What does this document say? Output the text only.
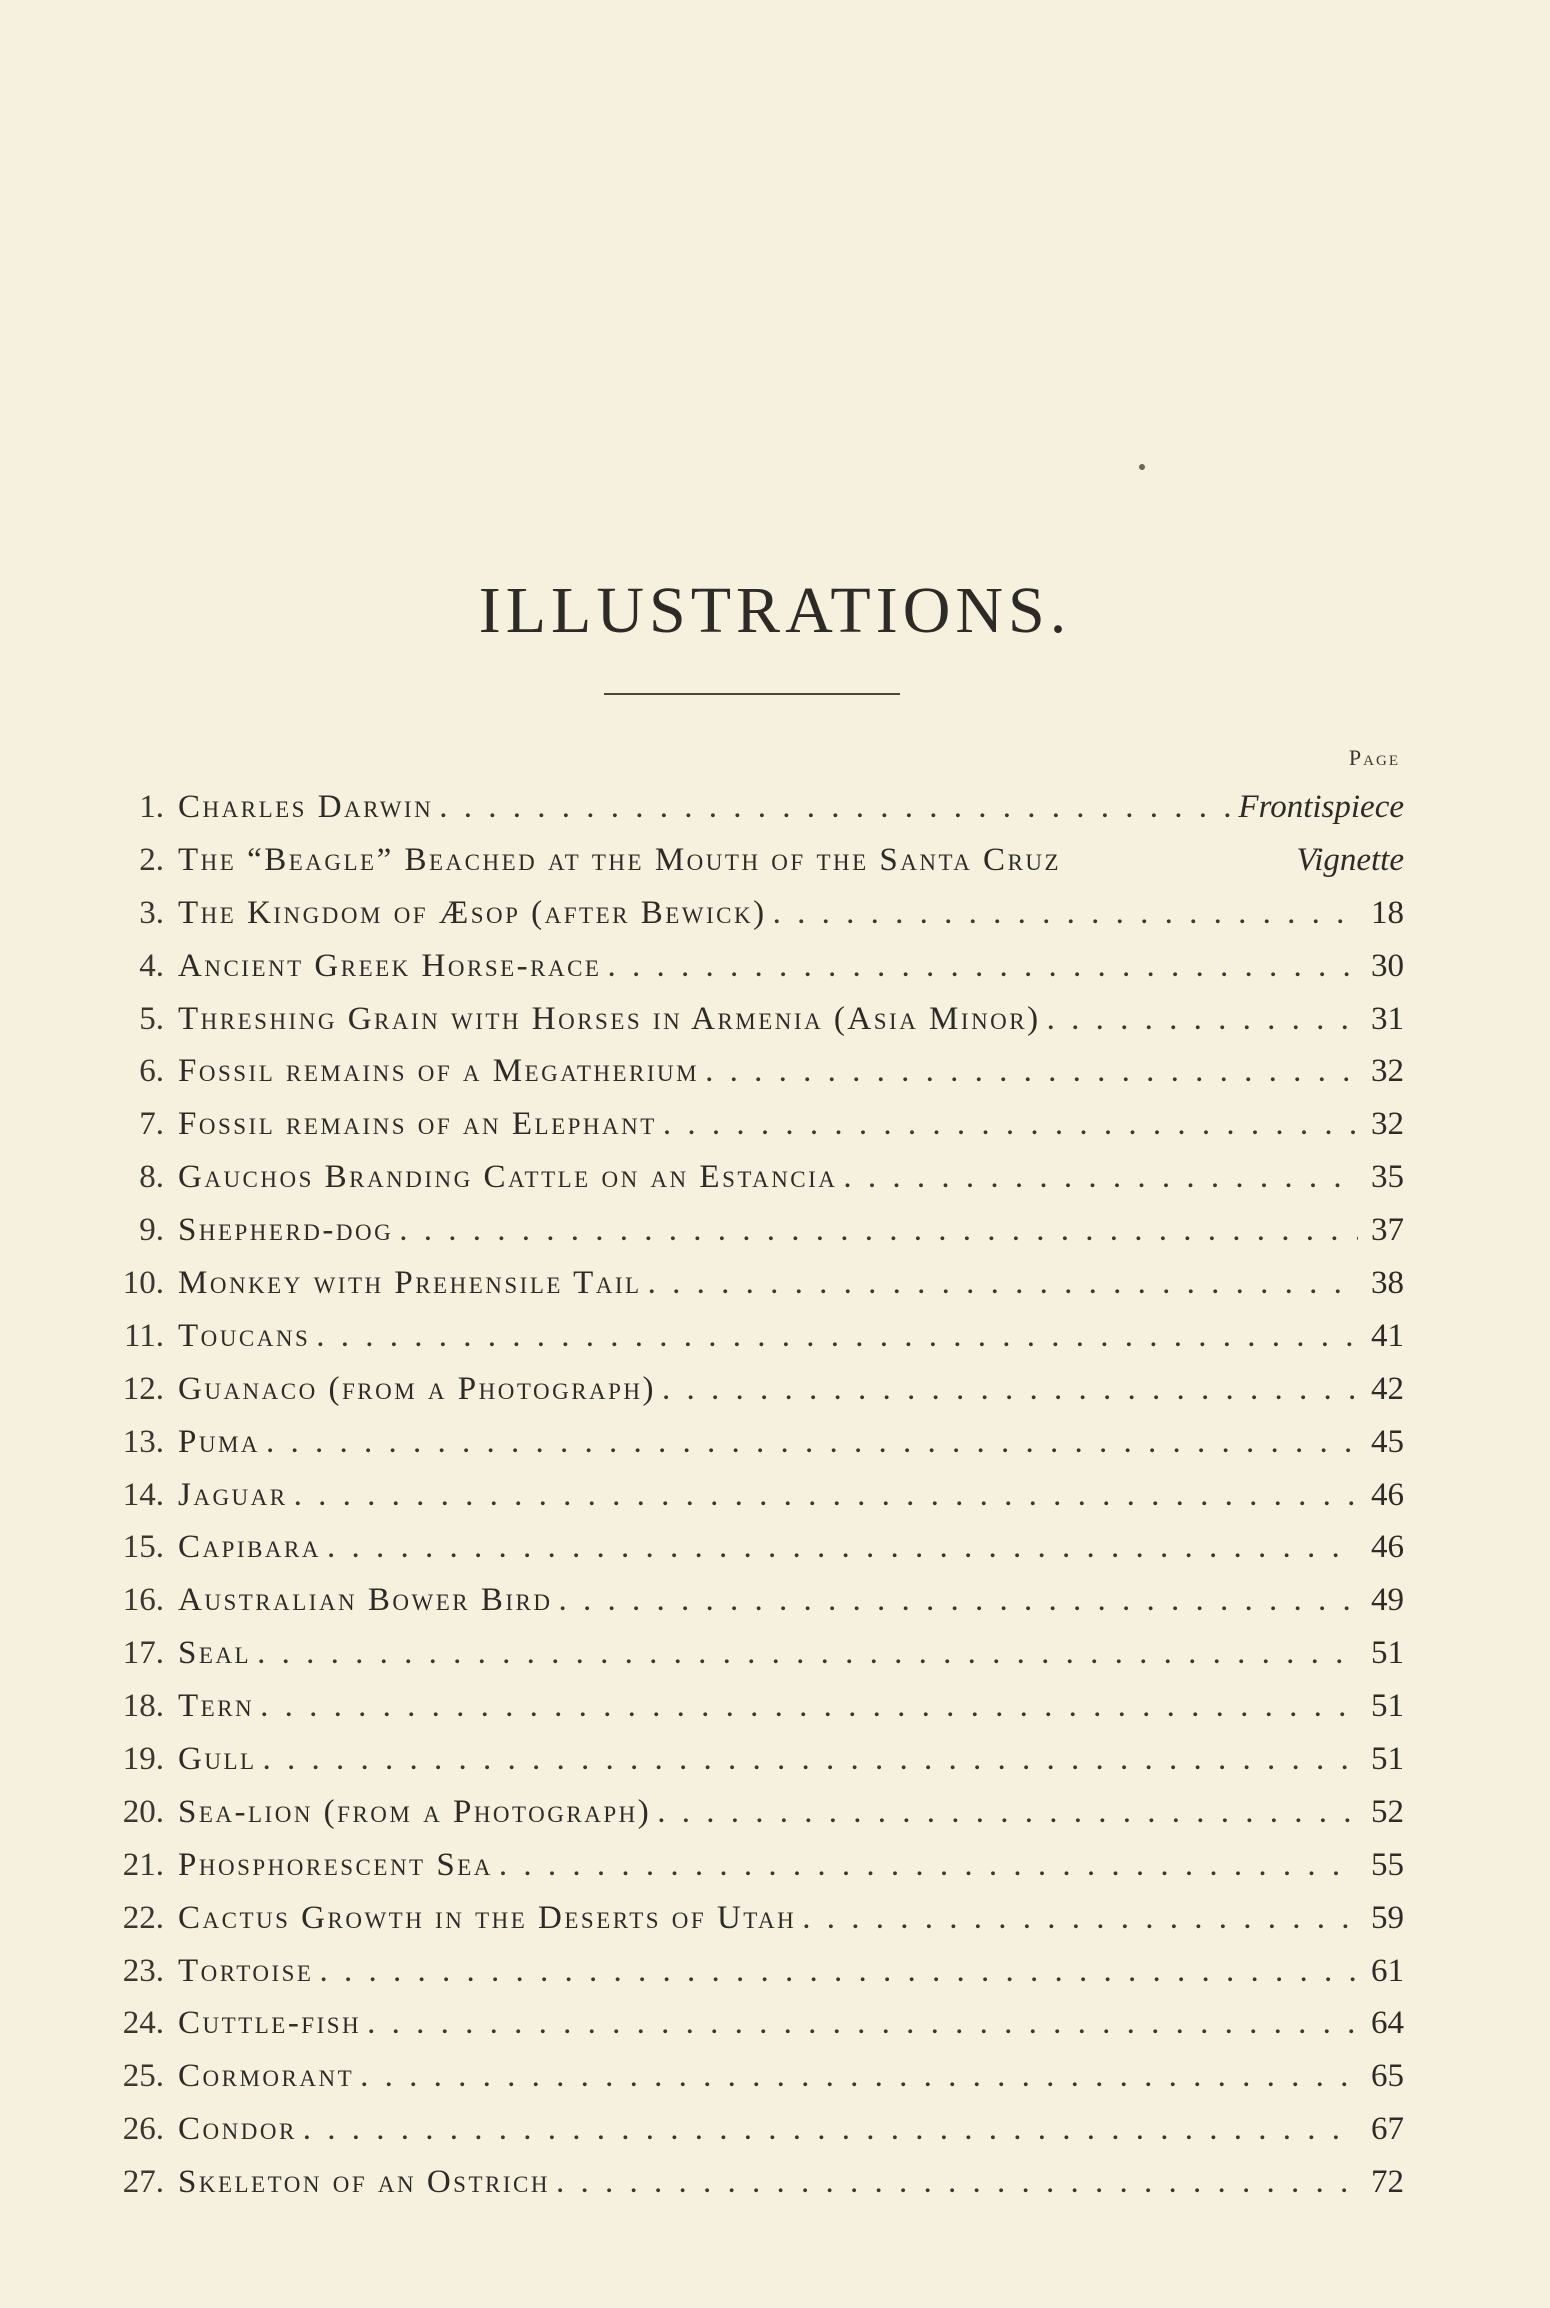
ILLUSTRATIONS.
Page
1. Charles Darwin . . .	Frontispiece
2. The “Beagle” Beached at the Mouth of the Santa Cruz	Vignette
3. The Kingdom of Æsop (after Bewick) . . .	18
4. Ancient Greek Horse-race . . .	30
5. Threshing Grain with Horses in Armenia (Asia Minor) . . .	31
6. Fossil remains of a Megatherium . . .	32
7. Fossil remains of an Elephant . . .	32
8. Gauchos Branding Cattle on an Estancia . . .	35
9. Shepherd-dog . . .	37
10. Monkey with Prehensile Tail . . .	38
11. Toucans . . .	41
12. Guanaco (from a Photograph) . . .	42
13. Puma . . .	45
14. Jaguar . . .	46
15. Capibara . . .	46
16. Australian Bower Bird . . .	49
17. Seal . . .	51
18. Tern . . .	51
19. Gull . . .	51
20. Sea-lion (from a Photograph) . . .	52
21. Phosphorescent Sea . . .	55
22. Cactus Growth in the Deserts of Utah . . .	59
23. Tortoise . . .	61
24. Cuttle-fish . . .	64
25. Cormorant . . .	65
26. Condor . . .	67
27. Skeleton of an Ostrich . . .	72
